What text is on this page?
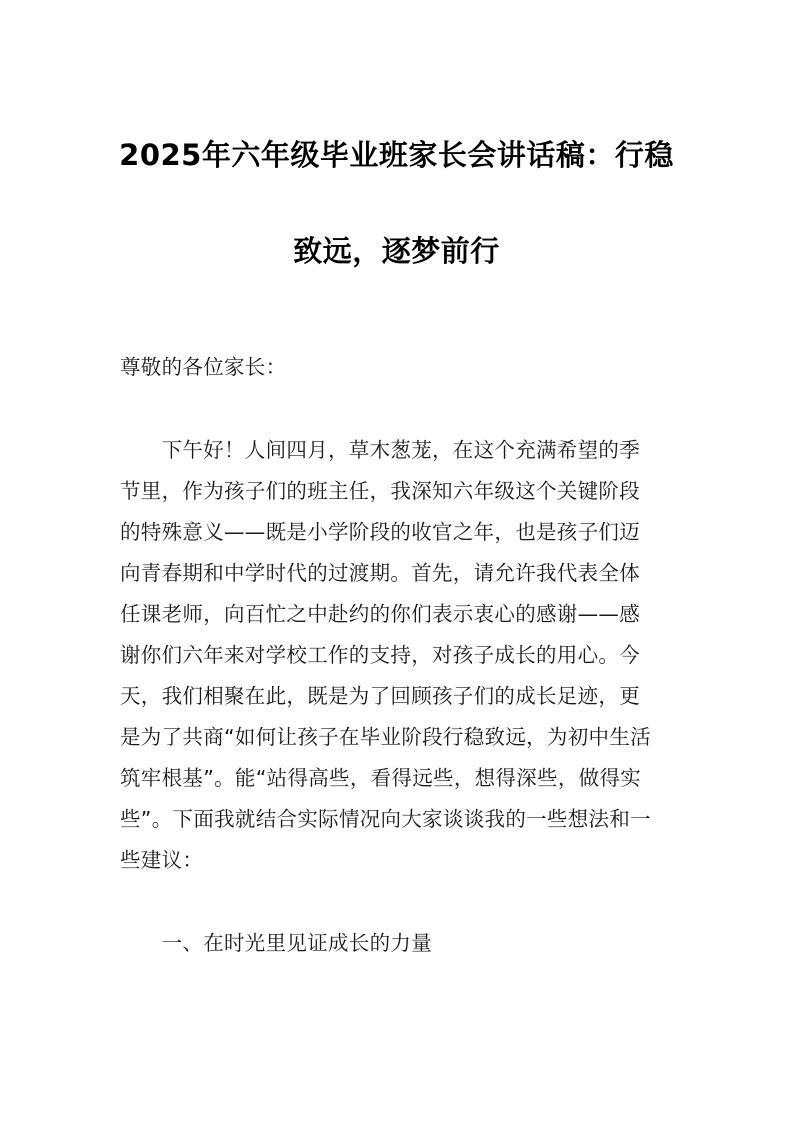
2025年六年级毕业班家长会讲话稿：行稳
致远，逐梦前行
尊敬的各位家长：
　　下午好！人间四月，草木葱茏，在这个充满希望的季
节里，作为孩子们的班主任，我深知六年级这个关键阶段
的特殊意义——既是小学阶段的收官之年，也是孩子们迈
向青春期和中学时代的过渡期。首先，请允许我代表全体
任课老师，向百忙之中赴约的你们表示衷心的感谢——感
谢你们六年来对学校工作的支持，对孩子成长的用心。今
天，我们相聚在此，既是为了回顾孩子们的成长足迹，更
是为了共商“如何让孩子在毕业阶段行稳致远，为初中生活
筑牢根基”。能“站得高些，看得远些，想得深些，做得实
些”。下面我就结合实际情况向大家谈谈我的一些想法和一
些建议：
　　一、在时光里见证成长的力量
